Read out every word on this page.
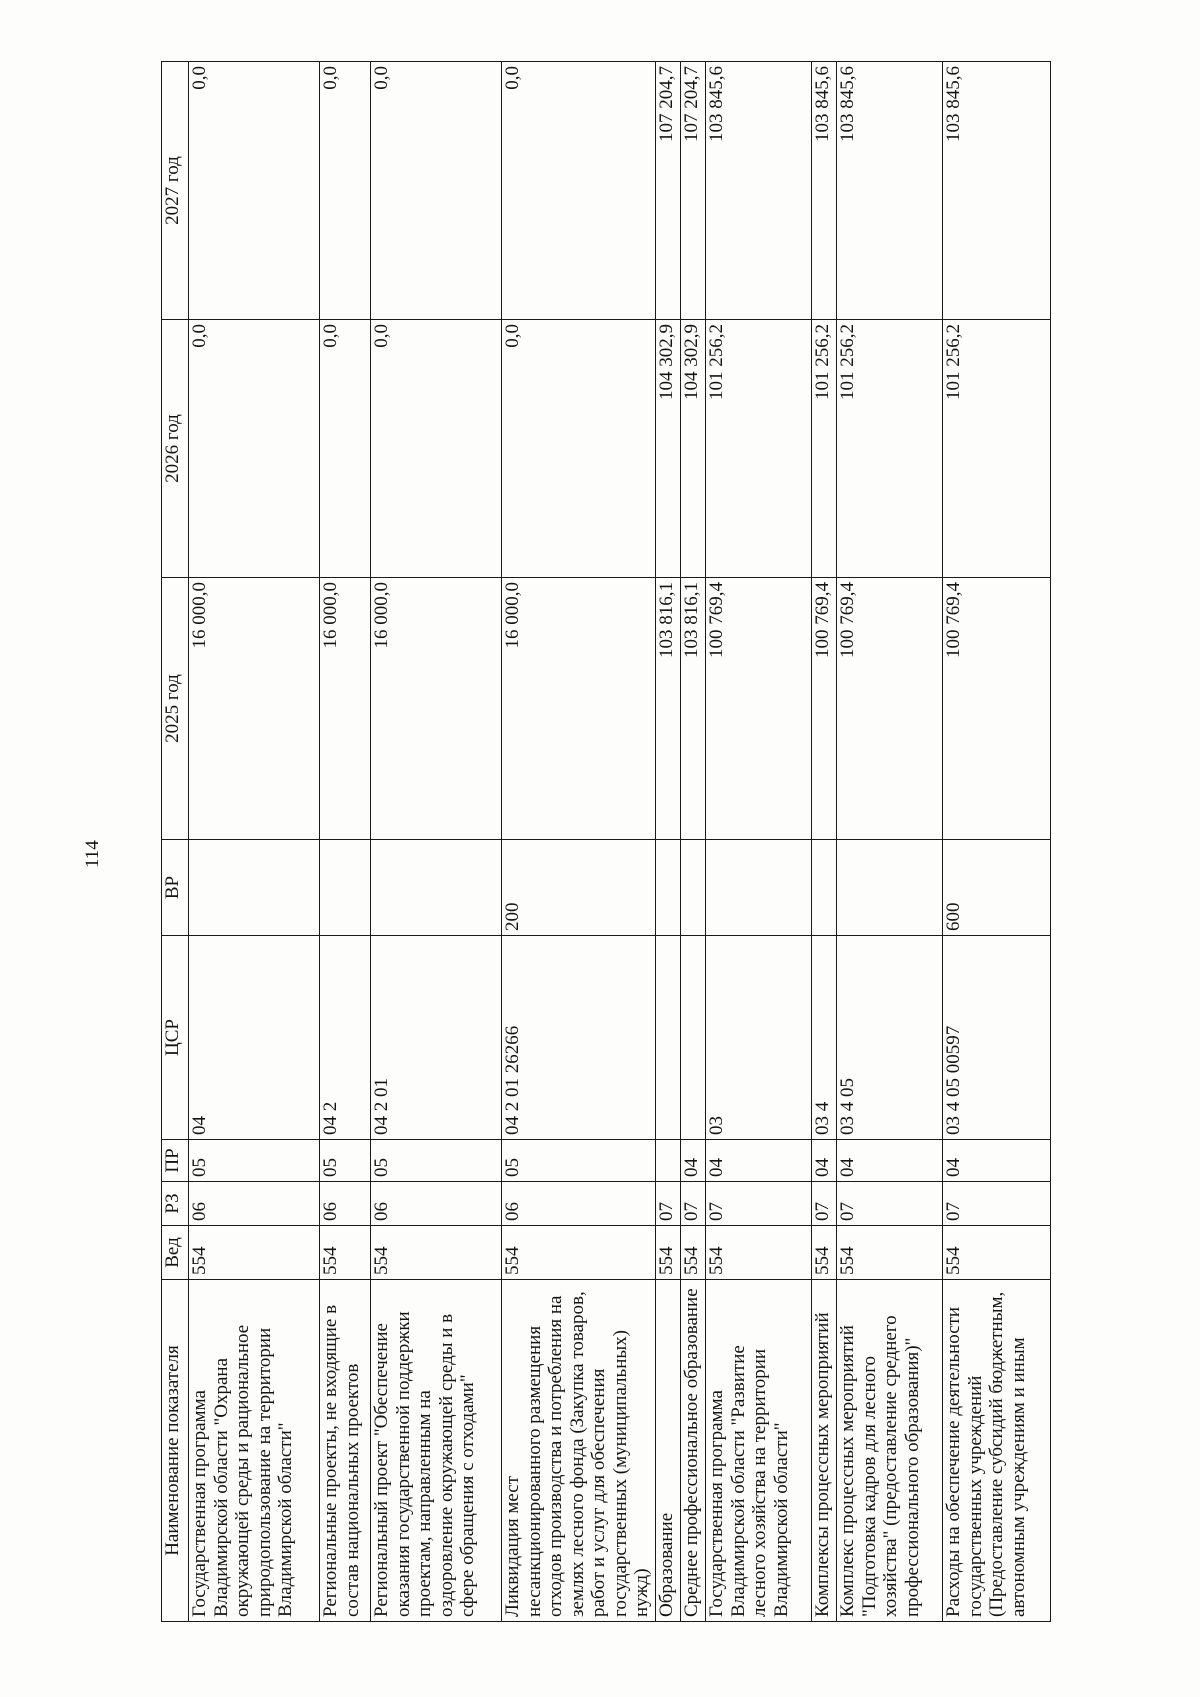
114
Наименование показателя	Вед	РЗ	ПР	ЦСР	ВР	2025 год	2026 год	2027 год
Государственная программа Владимирской области "Охрана окружающей среды и рациональное природопользование на территории Владимирской области"	554	06	05	04		16 000,0	0,0	0,0
Региональные проекты, не входящие в состав национальных проектов	554	06	05	04 2		16 000,0	0,0	0,0
Региональный проект "Обеспечение оказания государственной поддержки проектам, направленным на оздоровление окружающей среды и в сфере обращения с отходами"	554	06	05	04 2 01		16 000,0	0,0	0,0
Ликвидация мест несанкционированного размещения отходов производства и потребления на землях лесного фонда (Закупка товаров, работ и услуг для обеспечения государственных (муниципальных) нужд)	554	06	05	04 2 01 26266	200	16 000,0	0,0	0,0
Образование	554	07				103 816,1	104 302,9	107 204,7
Среднее профессиональное образование	554	07	04			103 816,1	104 302,9	107 204,7
Государственная программа Владимирской области "Развитие лесного хозяйства на территории Владимирской области"	554	07	04	03		100 769,4	101 256,2	103 845,6
Комплексы процессных мероприятий	554	07	04	03 4		100 769,4	101 256,2	103 845,6
Комплекс процессных мероприятий "Подготовка кадров для лесного хозяйства" (предоставление среднего профессионального образования)"	554	07	04	03 4 05		100 769,4	101 256,2	103 845,6
Расходы на обеспечение деятельности государственных учреждений (Предоставление субсидий бюджетным, автономным учреждениям и иным	554	07	04	03 4 05 00597	600	100 769,4	101 256,2	103 845,6
